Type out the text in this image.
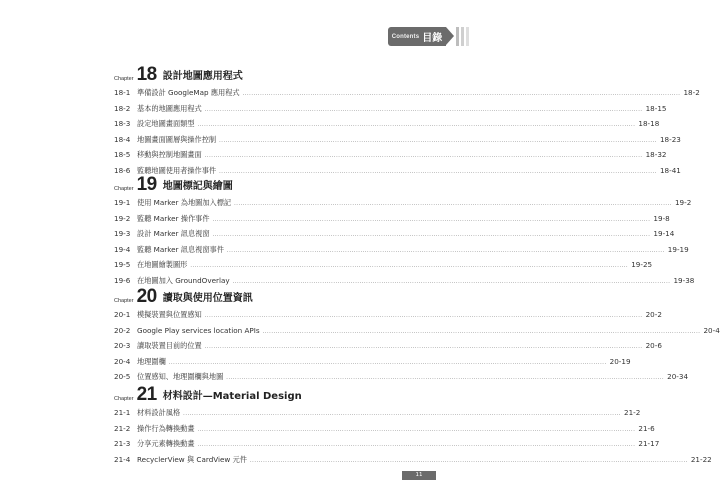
Contents 目錄
Chapter 18 設計地圖應用程式
18-1 準備設計 GoogleMap 應用程式 ........................................................................................................................................................................................................ 18-2
18-2 基本的地圖應用程式 ........................................................................................................................................................................................................ 18-15
18-3 設定地圖畫面類型 ........................................................................................................................................................................................................ 18-18
18-4 地圖畫面圖層與操作控制 ........................................................................................................................................................................................................ 18-23
18-5 移動與控制地圖畫面 ........................................................................................................................................................................................................ 18-32
18-6 監聽地圖使用者操作事件 ........................................................................................................................................................................................................ 18-41
Chapter 19 地圖標記與繪圖
19-1 使用 Marker 為地圖加入標記 ........................................................................................................................................................................................................ 19-2
19-2 監聽 Marker 操作事件 ........................................................................................................................................................................................................ 19-8
19-3 設計 Marker 訊息視窗 ........................................................................................................................................................................................................ 19-14
19-4 監聽 Marker 訊息視窗事件 ........................................................................................................................................................................................................ 19-19
19-5 在地圖繪製圖形 ........................................................................................................................................................................................................ 19-25
19-6 在地圖加入 GroundOverlay ........................................................................................................................................................................................................ 19-38
Chapter 20 讀取與使用位置資訊
20-1 模擬裝置與位置感知 ........................................................................................................................................................................................................ 20-2
20-2 Google Play services location APIs ........................................................................................................................................................................................................ 20-4
20-3 讀取裝置目前的位置 ........................................................................................................................................................................................................ 20-6
20-4 地理圍欄 ........................................................................................................................................................................................................ 20-19
20-5 位置感知、地理圍欄與地圖 ........................................................................................................................................................................................................ 20-34
Chapter 21 材料設計—Material Design
21-1 材料設計風格 ........................................................................................................................................................................................................ 21-2
21-2 操作行為轉換動畫 ........................................................................................................................................................................................................ 21-6
21-3 分享元素轉換動畫 ........................................................................................................................................................................................................ 21-17
21-4 RecyclerView 與 CardView 元件 ........................................................................................................................................................................................................ 21-22
11
